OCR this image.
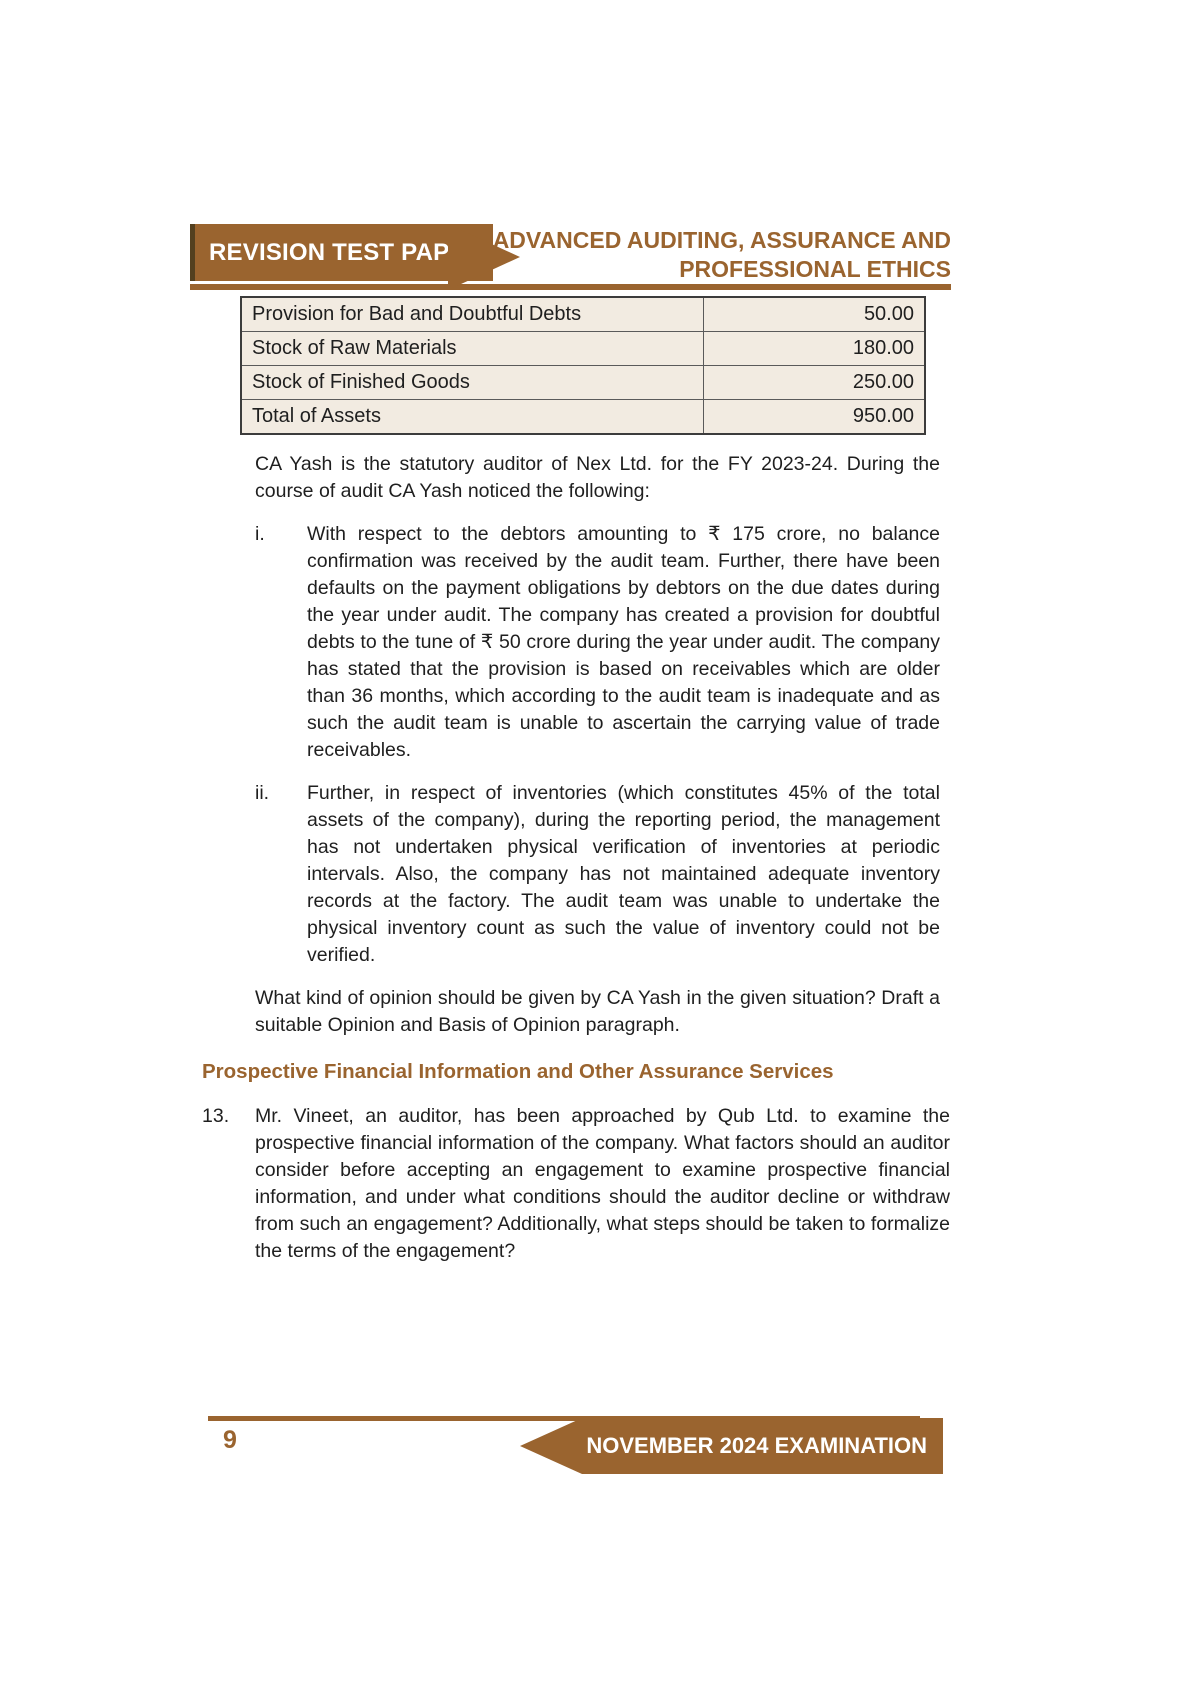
REVISION TEST PAPER ADVANCED AUDITING, ASSURANCE AND
PROFESSIONAL ETHICS
Provision for Bad and Doubtful Debts	50.00
Stock of Raw Materials	180.00
Stock of Finished Goods	250.00
Total of Assets	950.00
CA Yash is the statutory auditor of Nex Ltd. for the FY 2023-24. During the course of audit CA Yash noticed the following:
i.	With respect to the debtors amounting to ₹ 175 crore, no balance confirmation was received by the audit team. Further, there have been defaults on the payment obligations by debtors on the due dates during the year under audit. The company has created a provision for doubtful debts to the tune of ₹ 50 crore during the year under audit. The company has stated that the provision is based on receivables which are older than 36 months, which according to the audit team is inadequate and as such the audit team is unable to ascertain the carrying value of trade receivables.
ii.	Further, in respect of inventories (which constitutes 45% of the total assets of the company), during the reporting period, the management has not undertaken physical verification of inventories at periodic intervals. Also, the company has not maintained adequate inventory records at the factory. The audit team was unable to undertake the physical inventory count as such the value of inventory could not be verified.
What kind of opinion should be given by CA Yash in the given situation? Draft a suitable Opinion and Basis of Opinion paragraph.
Prospective Financial Information and Other Assurance Services
13.	Mr. Vineet, an auditor, has been approached by Qub Ltd. to examine the prospective financial information of the company. What factors should an auditor consider before accepting an engagement to examine prospective financial information, and under what conditions should the auditor decline or withdraw from such an engagement? Additionally, what steps should be taken to formalize the terms of the engagement?
9	NOVEMBER 2024 EXAMINATION
